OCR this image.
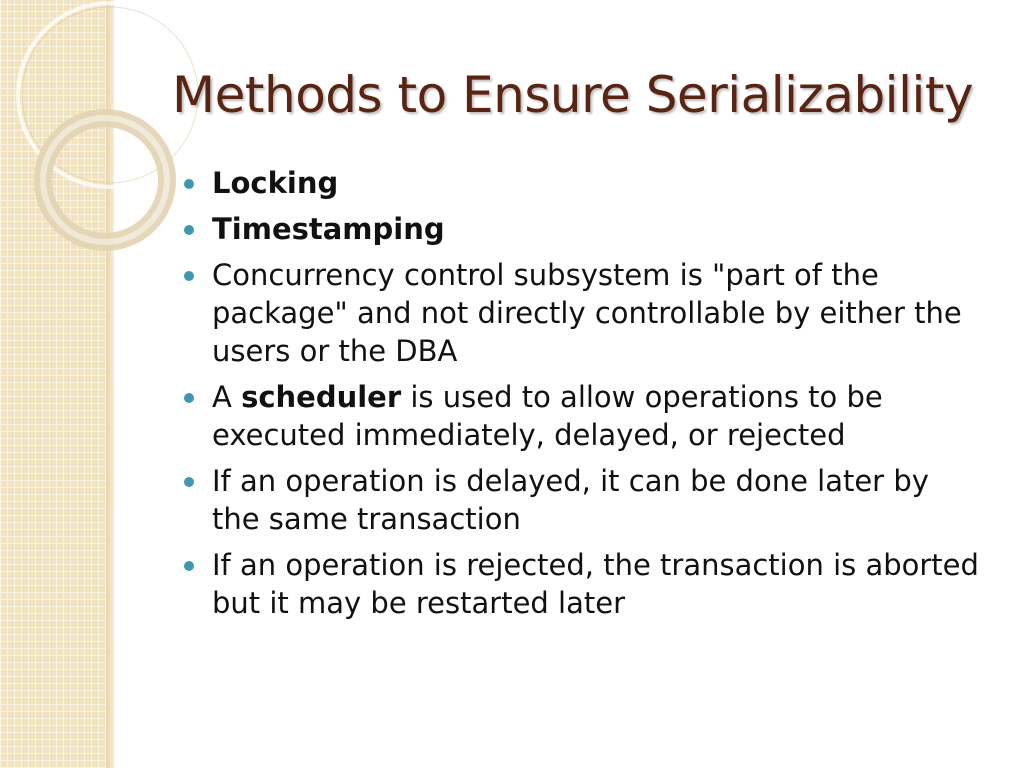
Methods to Ensure Serializability
Locking
Timestamping
Concurrency control subsystem is "part of the package" and not directly controllable by either the users or the DBA
A scheduler is used to allow operations to be executed immediately, delayed, or rejected
If an operation is delayed, it can be done later by the same transaction
If an operation is rejected, the transaction is aborted but it may be restarted later
